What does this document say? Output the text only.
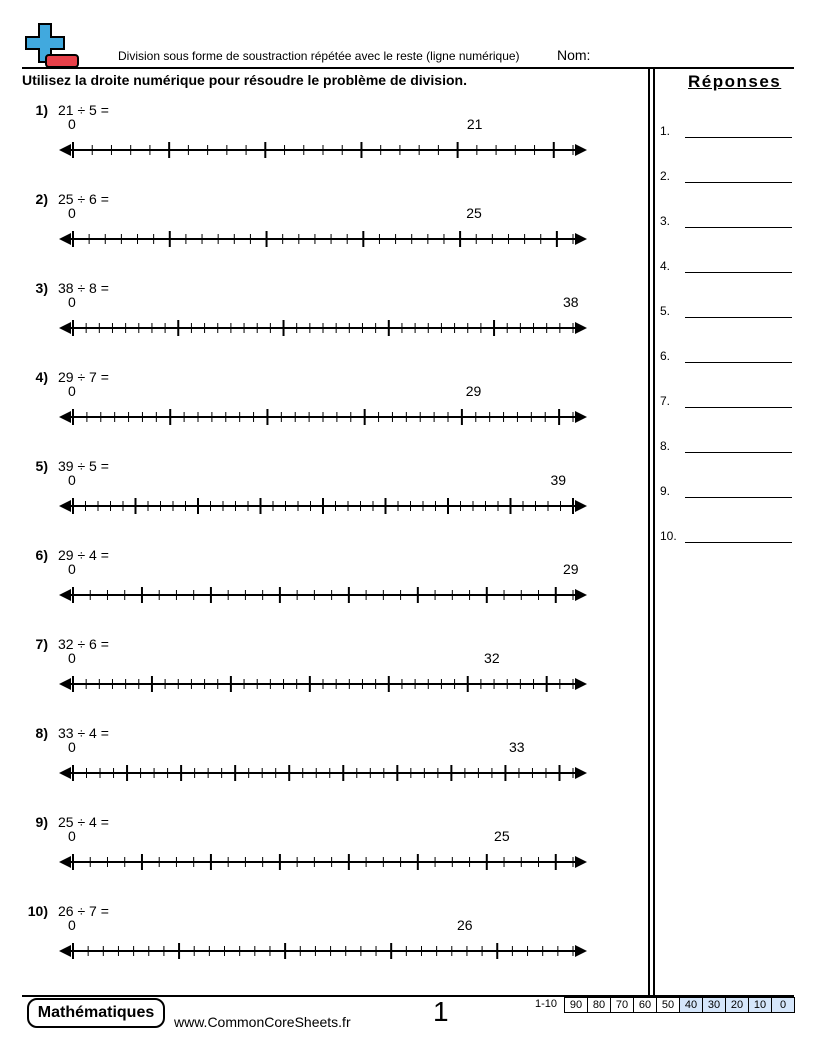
Division sous forme de soustraction répétée avec le reste (ligne numérique)	Nom:
Utilisez la droite numérique pour résoudre le problème de division.	Réponses
1.
2.
3.
4.
5.
6.
7.
8.
9.
10.
1) 21 ÷ 5 =
0	21
2) 25 ÷ 6 =
0	25
3) 38 ÷ 8 =
0	38
4) 29 ÷ 7 =
0	29
5) 39 ÷ 5 =
0	39
6) 29 ÷ 4 =
0	29
7) 32 ÷ 6 =
0	32
8) 33 ÷ 4 =
0	33
9) 25 ÷ 4 =
0	25
10) 26 ÷ 7 =
0	26
Mathématiques
www.CommonCoreSheets.fr	1	1-10 90	80	70	60	50	40	30	20	10	0
